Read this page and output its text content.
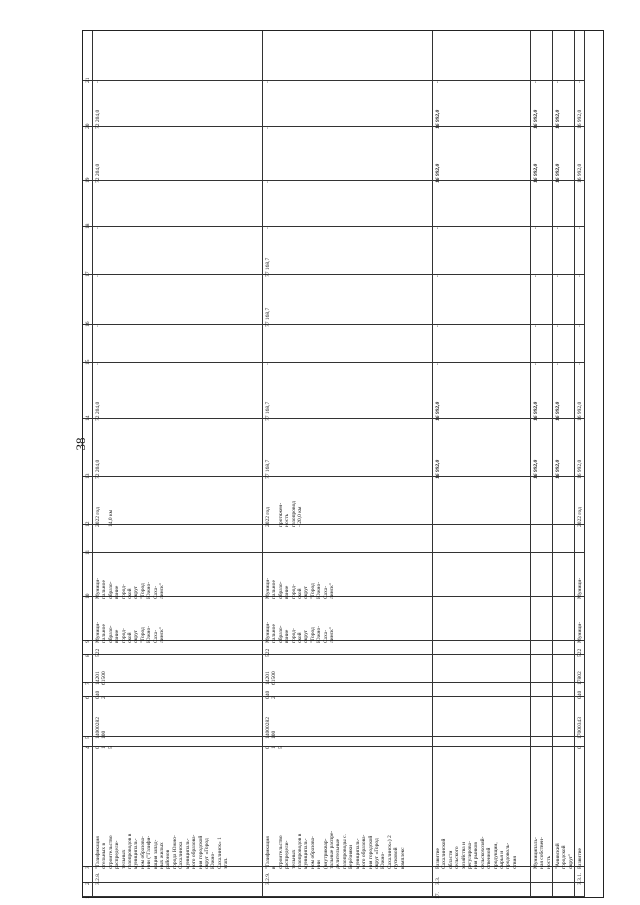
38
1
2
3
4
5
6
7
8
9
10
11
12
13
14
15
16
17
18
19
20
21
3.2.8.
"Газификация
отельных в
строительство
распредели-
тельных
газопроводов в
муниципаль-
ном образова-
нии ("Газифи-
кация запад-
ных жилых
районов
города Южно-
Сахалинска
муниципаль-
ного образова-
ния городской
округ «Город
Южно-
Сахалинск» 1
этап.
0
1
5
14000282
100
040
2
14201
61500
522
Муници-
пальное
образо-
вание
город-
ской
округ
"Город
Южно-
Саха-
линск"
Муници-
пальное
образо-
вание
город-
ской
округ
"Город
Южно-
Саха-
линск"
2022 год

14,0 км
72 204,0
72 204,0
-
-
-
-
72 204,0
72 204,0
-
3.2.9.
"Газификация
в
строительство
распредели-
тельных
газопроводов в
муниципаль-
ном образова-
нии
(внутриквар-
тальные распре-
делительные
газопроводы с.
Берёзняки
муниципаль-
ного образова-
ния городской
округ «Город
Южно-
Сахалинск») 2
пусковой
комплекс
0
1
5
14000282
100
040
2
14201
61500
522
Муници-
пальное
образо-
вание
город-
ской
округ
"Город
Южно-
Саха-
линск"
Муници-
пальное
образо-
вание
город-
ской
округ
"Город
Южно-
Саха-
линск"
2022 год

протяжен-
ность
газопровод
- 20,0 км
77 168,7
77 168,7
-
77 168,7
77 168,7
-
-
-
-
17.
3.3.
Развитие
Сахалинской
области
сельского
хозяйства и
регулирова-
ния рынков
сельскохозяй-
ственной
продукции,
сырья и
продоволь-
ствия
16 992,0
16 992,0
-
-
-
-
16 992,0
16 992,0
-
Муниципаль-
ная собствен-
ность
16 992,0
16 992,0
-
-
-
-
16 992,0
16 992,0
-
"Анивский
городской
округ"
16 992,0
16 992,0
-
-
-
-
16 992,0
16 992,0
-
3.3.1.
Развитие
0
17000343
040
17802
522
Муници-
Муници-
2022 год
16 992,0
16 992,0
-
-
-
-
16 992,0
16 992,0
-
